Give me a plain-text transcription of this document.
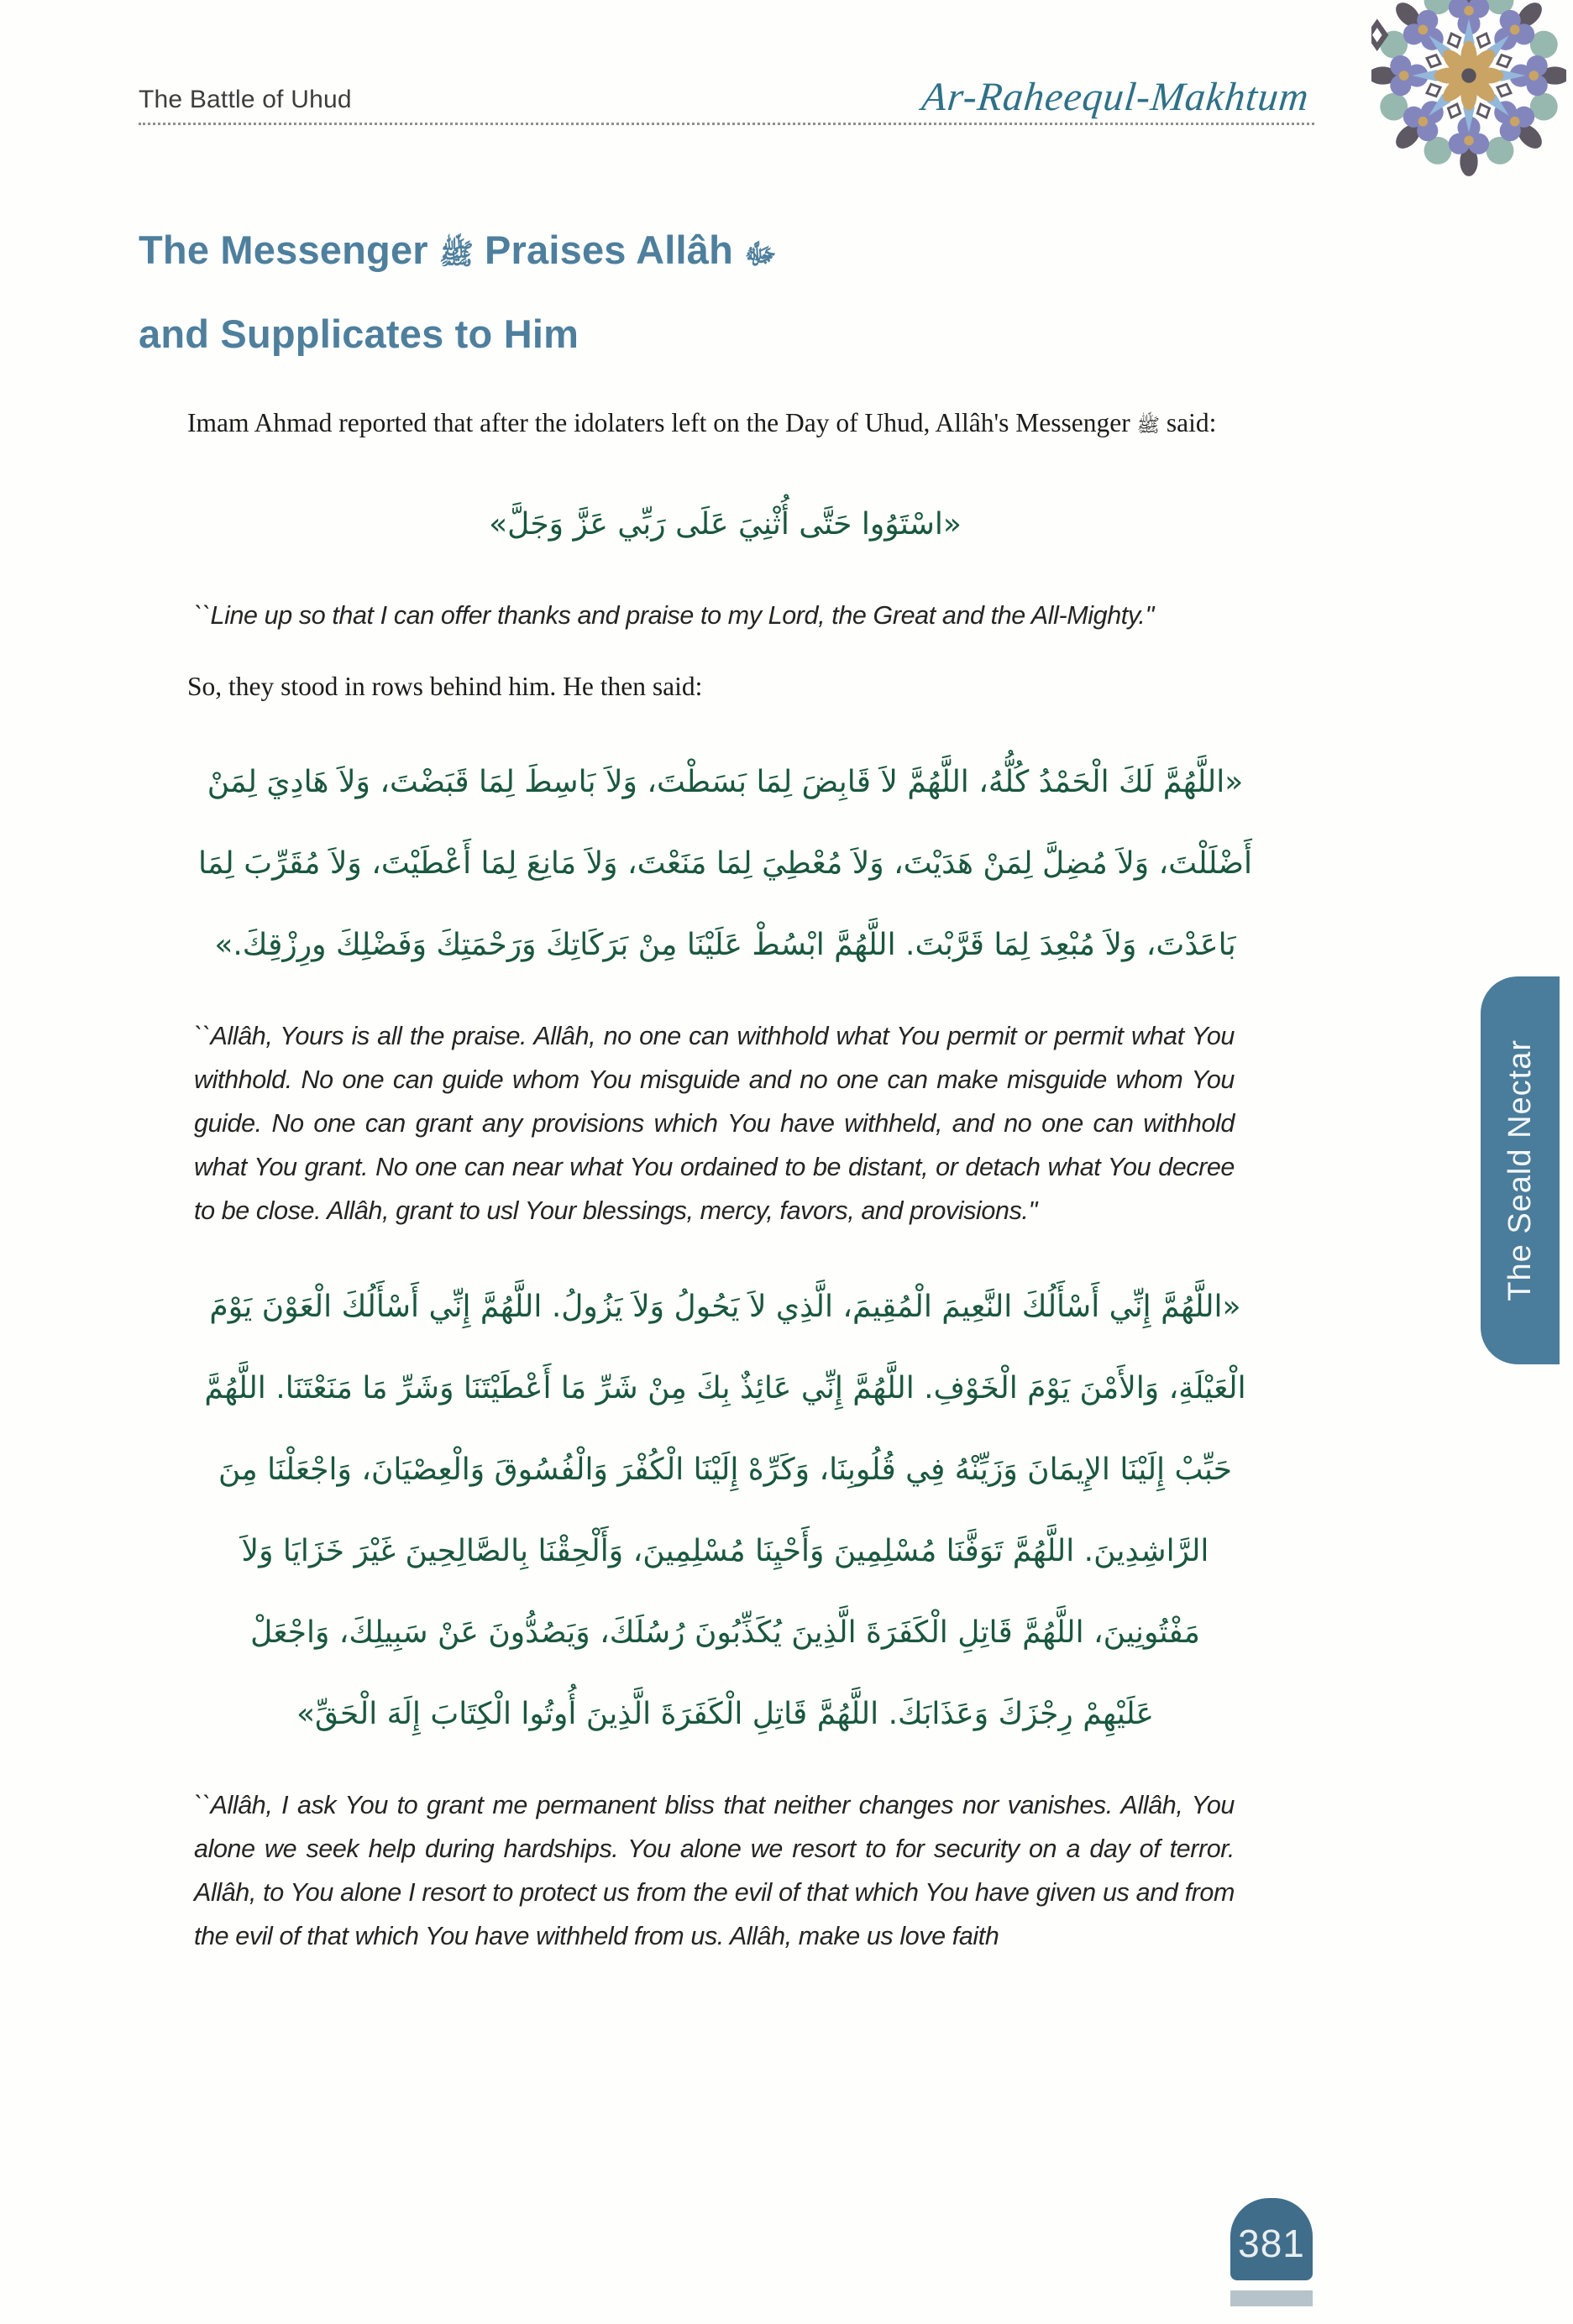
The Battle of Uhud	Ar-Raheequl-Makhtum
The Messenger ﷺ Praises Allâh ﷻ
and Supplicates to Him

Imam Ahmad reported that after the idolaters left on the Day of Uhud, Allâh's Messenger ﷺ said:

«اسْتَوُوا حَتَّى أُثْنِيَ عَلَى رَبِّي عَزَّ وَجَلَّ»

``Line up so that I can offer thanks and praise to my Lord, the Great and the All-Mighty."

So, they stood in rows behind him. He then said:

«اللَّهُمَّ لَكَ الْحَمْدُ كُلُّهُ، اللَّهُمَّ لاَ قَابِضَ لِمَا بَسَطْتَ، وَلاَ بَاسِطَ لِمَا قَبَضْتَ، وَلاَ هَادِيَ لِمَنْ
أَضْلَلْتَ، وَلاَ مُضِلَّ لِمَنْ هَدَيْتَ، وَلاَ مُعْطِيَ لِمَا مَنَعْتَ، وَلاَ مَانِعَ لِمَا أَعْطَيْتَ، وَلاَ مُقَرِّبَ لِمَا
بَاعَدْتَ، وَلاَ مُبْعِدَ لِمَا قَرَّبْتَ. اللَّهُمَّ ابْسُطْ عَلَيْنَا مِنْ بَرَكَاتِكَ وَرَحْمَتِكَ وَفَضْلِكَ ورِزْقِكَ.»

``Allâh, Yours is all the praise. Allâh, no one can withhold what You permit or permit what You withhold. No one can guide whom You misguide and no one can make misguide whom You guide. No one can grant any provisions which You have withheld, and no one can withhold what You grant. No one can near what You ordained to be distant, or detach what You decree to be close. Allâh, grant to usl Your blessings, mercy, favors, and provisions."

«اللَّهُمَّ إِنِّي أَسْأَلُكَ النَّعِيمَ الْمُقِيمَ، الَّذِي لاَ يَحُولُ وَلاَ يَزُولُ. اللَّهُمَّ إِنِّي أَسْأَلُكَ الْعَوْنَ يَوْمَ
الْعَيْلَةِ، وَالأَمْنَ يَوْمَ الْخَوْفِ. اللَّهُمَّ إِنِّي عَائِذٌ بِكَ مِنْ شَرِّ مَا أَعْطَيْتَنَا وَشَرِّ مَا مَنَعْتَنَا. اللَّهُمَّ
حَبِّبْ إِلَيْنَا الإِيمَانَ وَزَيِّنْهُ فِي قُلُوبِنَا، وَكَرِّهْ إِلَيْنَا الْكُفْرَ وَالْفُسُوقَ وَالْعِصْيَانَ، وَاجْعَلْنَا مِنَ
الرَّاشِدِينَ. اللَّهُمَّ تَوَفَّنَا مُسْلِمِينَ وَأَحْيِنَا مُسْلِمِينَ، وَأَلْحِقْنَا بِالصَّالِحِينَ غَيْرَ خَزَايَا وَلاَ
مَفْتُونِينَ، اللَّهُمَّ قَاتِلِ الْكَفَرَةَ الَّذِينَ يُكَذِّبُونَ رُسُلَكَ، وَيَصُدُّونَ عَنْ سَبِيلِكَ، وَاجْعَلْ
عَلَيْهِمْ رِجْزَكَ وَعَذَابَكَ. اللَّهُمَّ قَاتِلِ الْكَفَرَةَ الَّذِينَ أُوتُوا الْكِتَابَ إِلَهَ الْحَقِّ»

``Allâh, I ask You to grant me permanent bliss that neither changes nor vanishes. Allâh, You alone we seek help during hardships. You alone we resort to for security on a day of terror. Allâh, to You alone I resort to protect us from the evil of that which You have given us and from the evil of that which You have withheld from us. Allâh, make us love faith

The Seald Nectar
381
